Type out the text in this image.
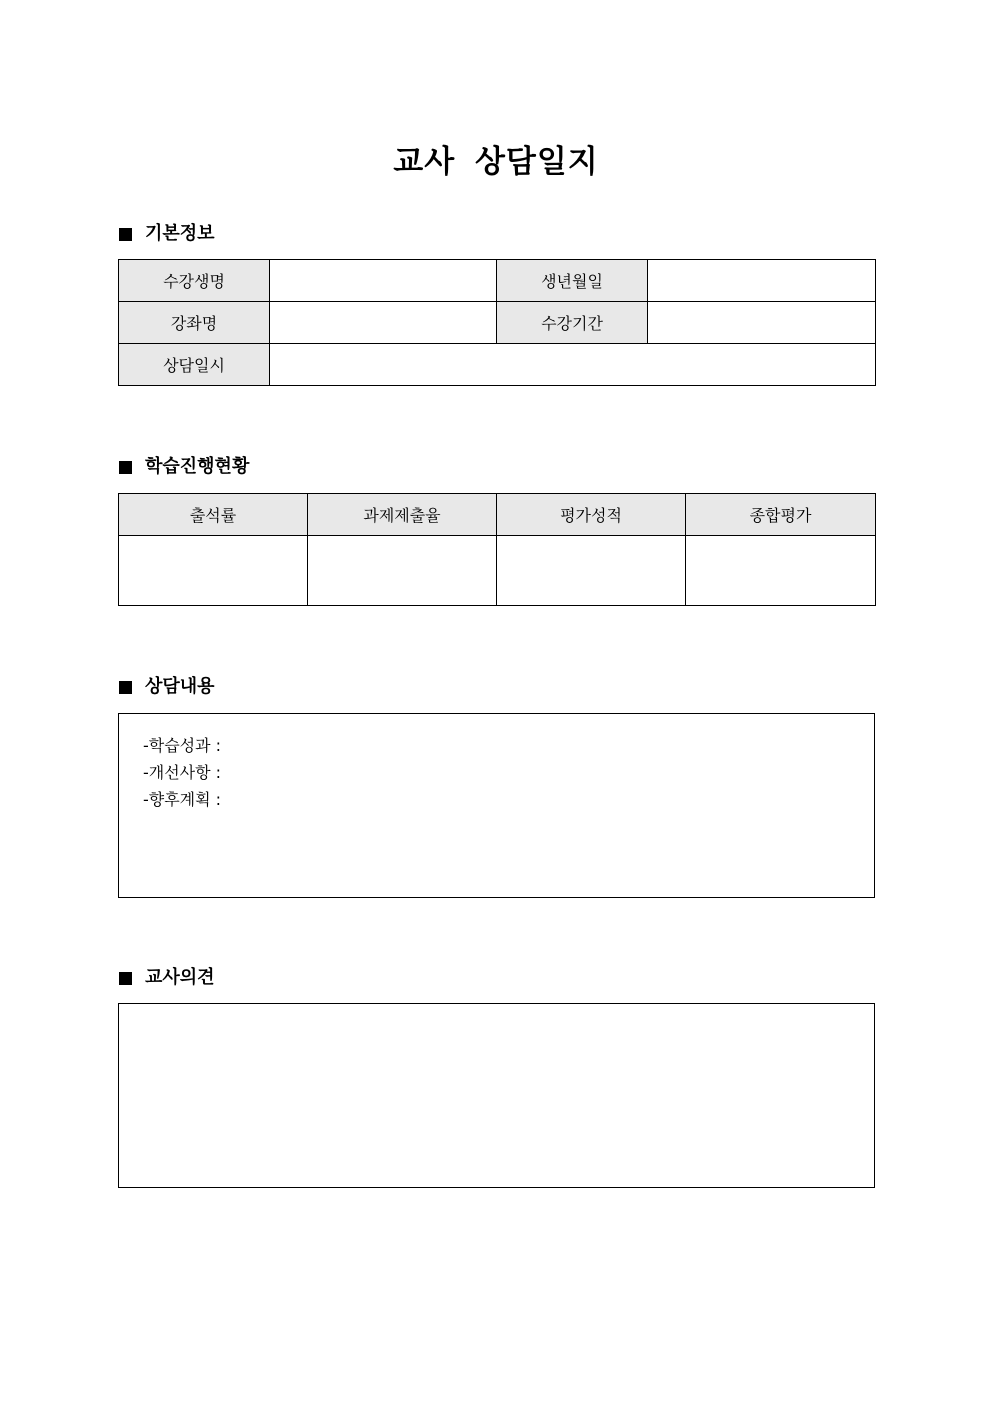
교사 상담일지
기본정보
수강생명		생년월일	
강좌명		수강기간	
상담일시			
학습진행현황
출석률	과제제출율	평가성적	종합평가

상담내용
-학습성과 :
-개선사항 :
-향후계획 :
교사의견
